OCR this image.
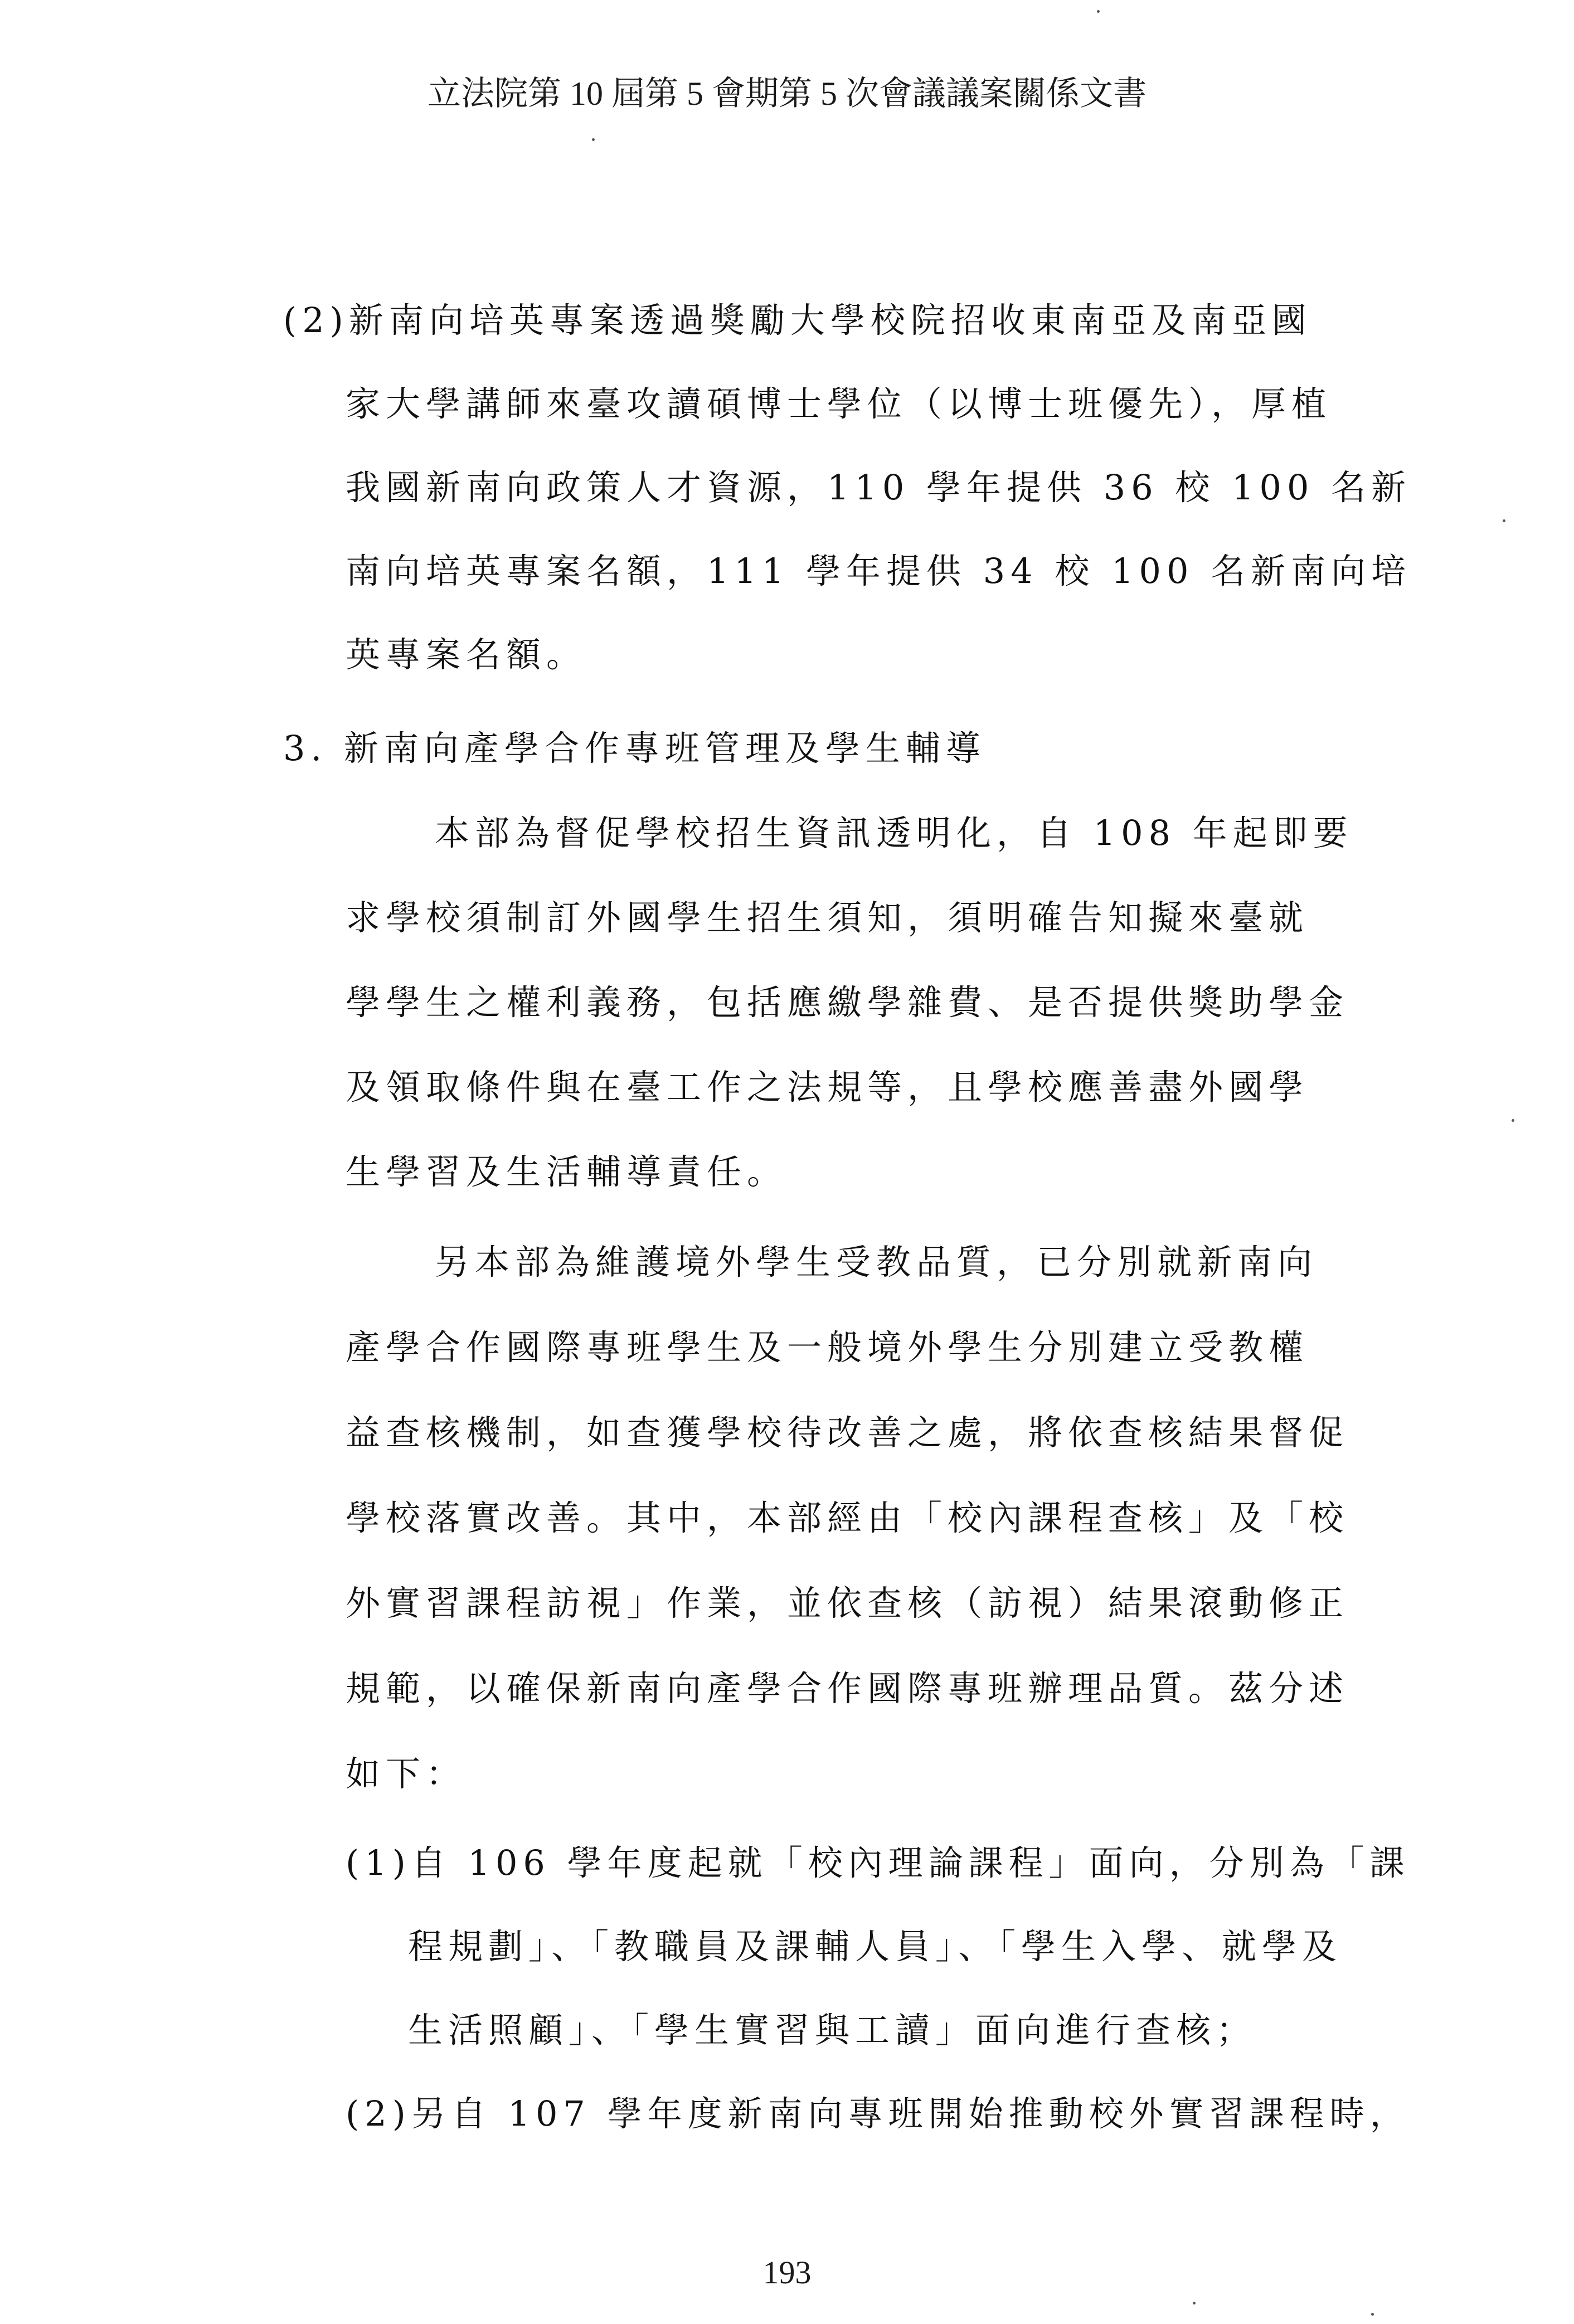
立法院第 10 屆第 5 會期第 5 次會議議案關係文書
(2)新南向培英專案透過獎勵大學校院招收東南亞及南亞國
家大學講師來臺攻讀碩博士學位（以博士班優先），厚植
我國新南向政策人才資源，110 學年提供 36 校 100 名新
南向培英專案名額，111 學年提供 34 校 100 名新南向培
英專案名額。
3. 新南向產學合作專班管理及學生輔導
本部為督促學校招生資訊透明化，自 108 年起即要
求學校須制訂外國學生招生須知，須明確告知擬來臺就
學學生之權利義務，包括應繳學雜費、是否提供獎助學金
及領取條件與在臺工作之法規等，且學校應善盡外國學
生學習及生活輔導責任。
另本部為維護境外學生受教品質，已分別就新南向
產學合作國際專班學生及一般境外學生分別建立受教權
益查核機制，如查獲學校待改善之處，將依查核結果督促
學校落實改善。其中，本部經由「校內課程查核」及「校
外實習課程訪視」作業，並依查核（訪視）結果滾動修正
規範，以確保新南向產學合作國際專班辦理品質。茲分述
如下：
(1)自 106 學年度起就「校內理論課程」面向，分別為「課
程規劃」、「教職員及課輔人員」、「學生入學、就學及
生活照顧」、「學生實習與工讀」面向進行查核；
(2)另自 107 學年度新南向專班開始推動校外實習課程時，
193
